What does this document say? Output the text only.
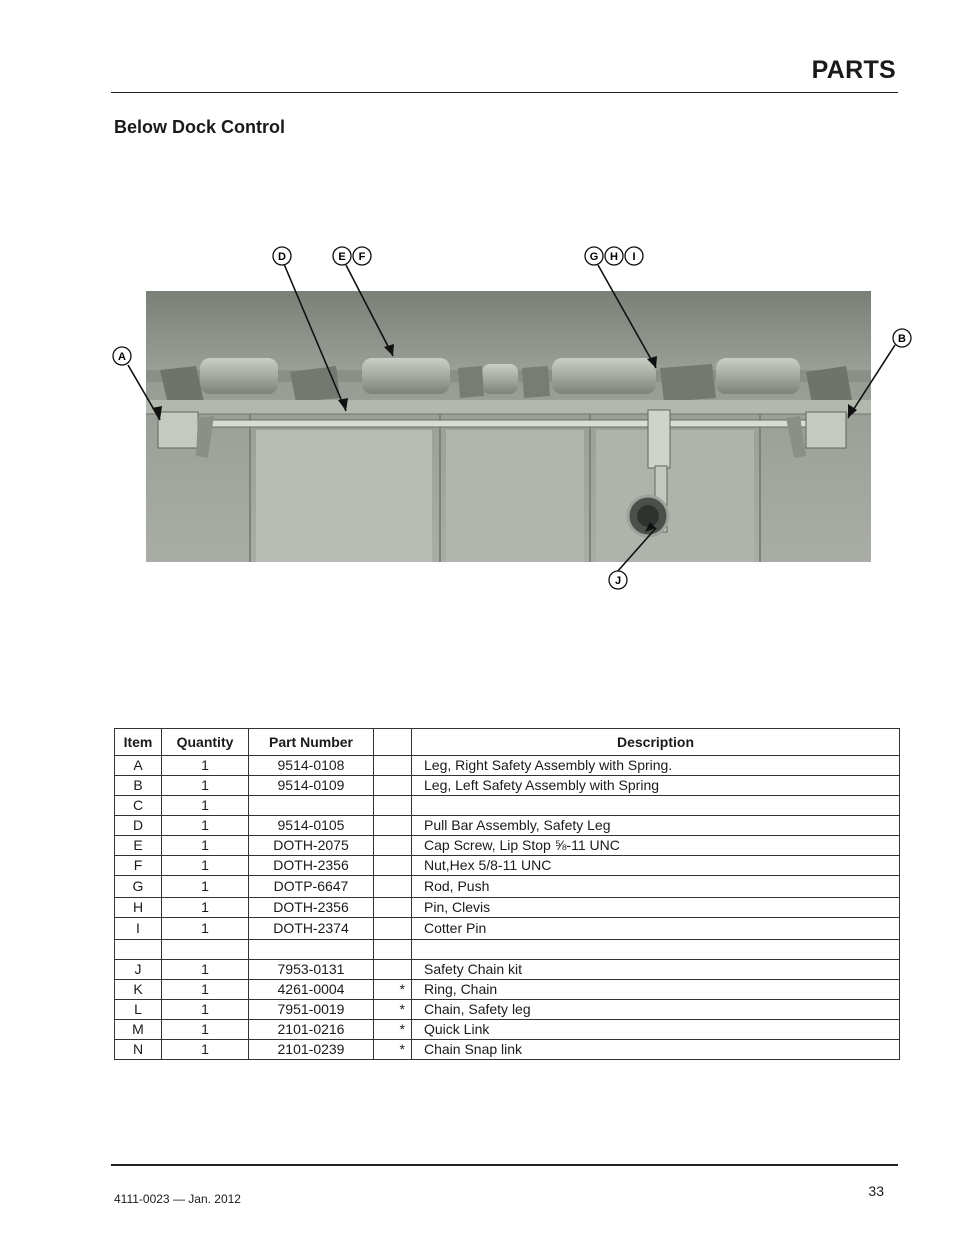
PARTS
Below Dock Control
A
D	E F	G H I
B
J
Item	Quantity	Part Number		Description
A	1	9514-0108		Leg, Right Safety Assembly with Spring.
B	1	9514-0109		Leg, Left Safety Assembly with Spring
C	1			
D	1	9514-0105		Pull Bar Assembly, Safety Leg
E	1	DOTH-2075		Cap Screw, Lip Stop ⅝-11 UNC
F	1	DOTH-2356		Nut,Hex 5/8-11 UNC
G	1	DOTP-6647		Rod, Push
H	1	DOTH-2356		Pin, Clevis
I	1	DOTH-2374		Cotter Pin

J	1	7953-0131		Safety Chain kit
K	1	4261-0004	*	Ring, Chain
L	1	7951-0019	*	Chain, Safety leg
M	1	2101-0216	*	Quick Link
N	1	2101-0239	*	Chain Snap link
33
4111-0023 — Jan. 2012
